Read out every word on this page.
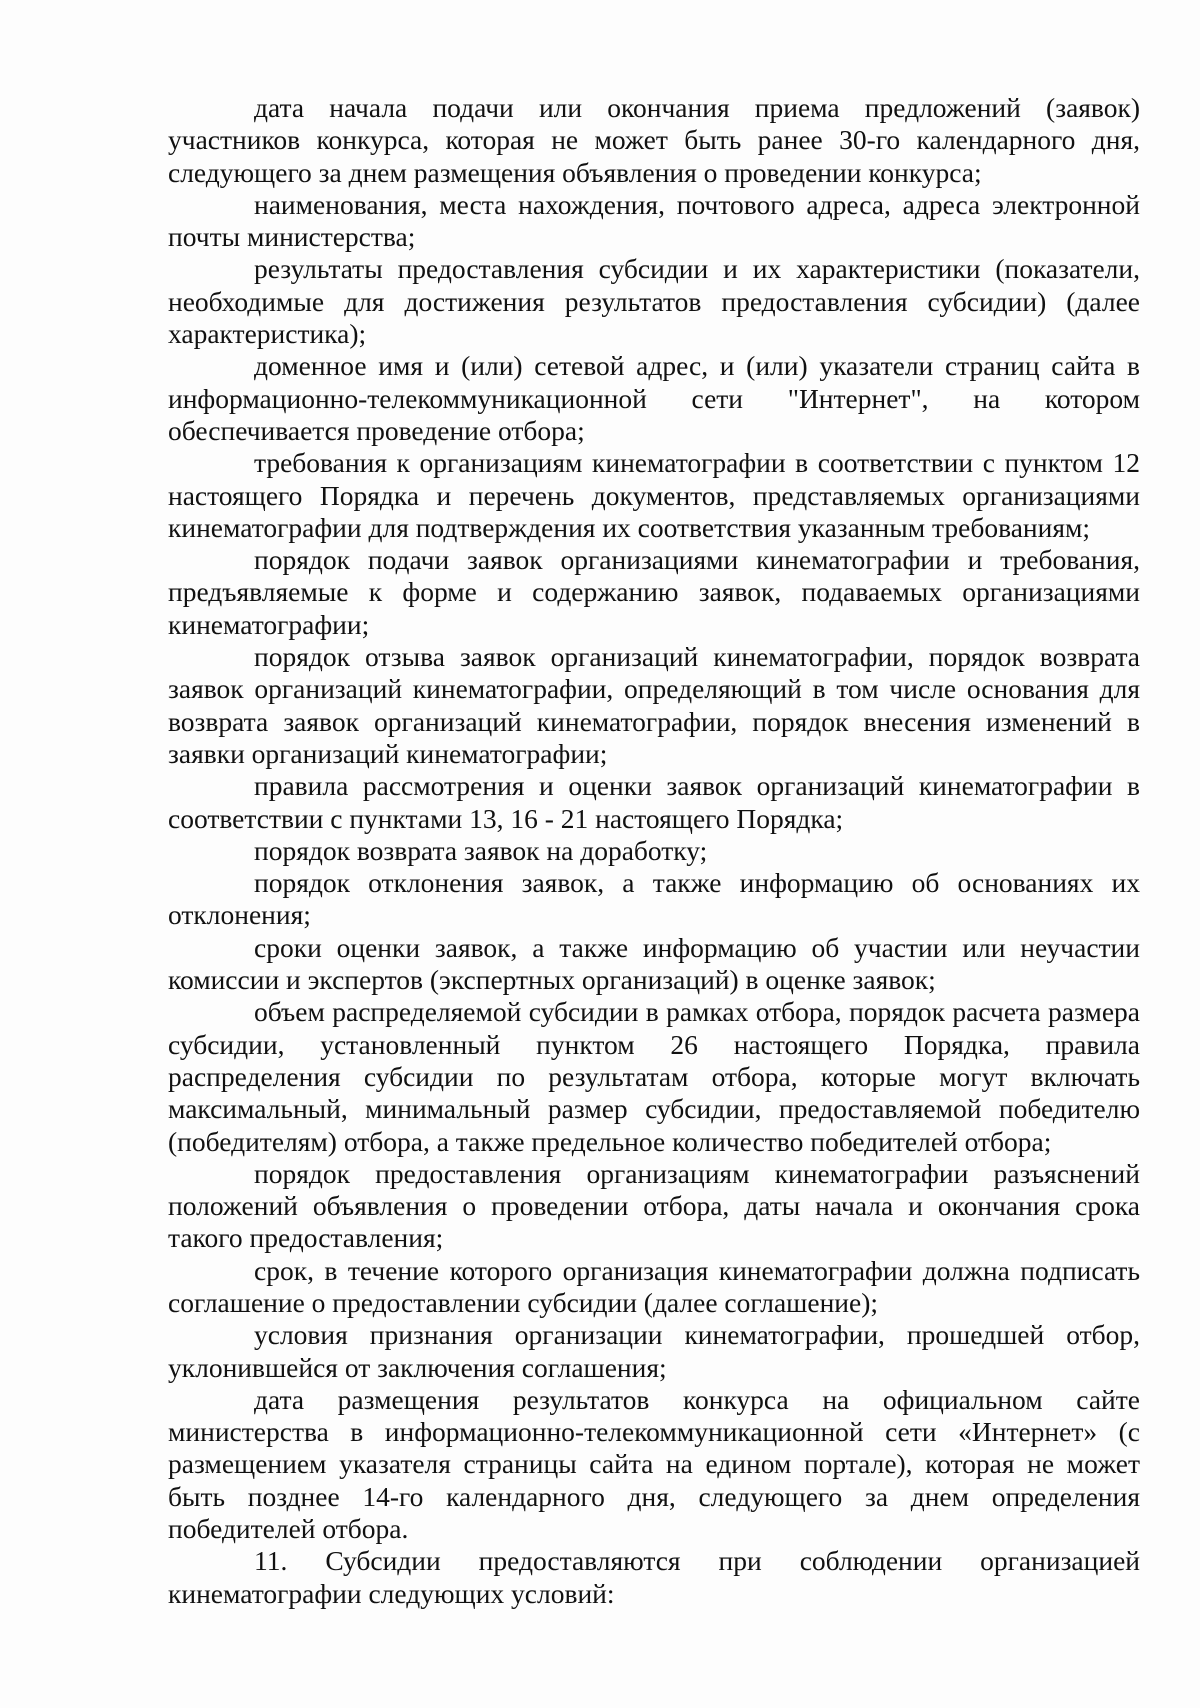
дата начала подачи или окончания приема предложений (заявок) участников конкурса, которая не может быть ранее 30-го календарного дня, следующего за днем размещения объявления о проведении конкурса;

наименования, места нахождения, почтового адреса, адреса электронной почты министерства;

результаты предоставления субсидии и их характеристики (показатели, необходимые для достижения результатов предоставления субсидии) (далее характеристика);

доменное имя и (или) сетевой адрес, и (или) указатели страниц сайта в информационно-телекоммуникационной сети "Интернет", на котором обеспечивается проведение отбора;

требования к организациям кинематографии в соответствии с пунктом 12 настоящего Порядка и перечень документов, представляемых организациями кинематографии для подтверждения их соответствия указанным требованиям;

порядок подачи заявок организациями кинематографии и требования, предъявляемые к форме и содержанию заявок, подаваемых организациями кинематографии;

порядок отзыва заявок организаций кинематографии, порядок возврата заявок организаций кинематографии, определяющий в том числе основания для возврата заявок организаций кинематографии, порядок внесения изменений в заявки организаций кинематографии;

правила рассмотрения и оценки заявок организаций кинематографии в соответствии с пунктами 13, 16 - 21 настоящего Порядка;

порядок возврата заявок на доработку;

порядок отклонения заявок, а также информацию об основаниях их отклонения;

сроки оценки заявок, а также информацию об участии или неучастии комиссии и экспертов (экспертных организаций) в оценке заявок;

объем распределяемой субсидии в рамках отбора, порядок расчета размера субсидии, установленный пунктом 26 настоящего Порядка, правила распределения субсидии по результатам отбора, которые могут включать максимальный, минимальный размер субсидии, предоставляемой победителю (победителям) отбора, а также предельное количество победителей отбора;

порядок предоставления организациям кинематографии разъяснений положений объявления о проведении отбора, даты начала и окончания срока такого предоставления;

срок, в течение которого организация кинематографии должна подписать соглашение о предоставлении субсидии (далее соглашение);

условия признания организации кинематографии, прошедшей отбор, уклонившейся от заключения соглашения;

дата размещения результатов конкурса на официальном сайте министерства в информационно-телекоммуникационной сети «Интернет» (с размещением указателя страницы сайта на едином портале), которая не может быть позднее 14-го календарного дня, следующего за днем определения победителей отбора.

11. Субсидии предоставляются при соблюдении организацией кинематографии следующих условий:
